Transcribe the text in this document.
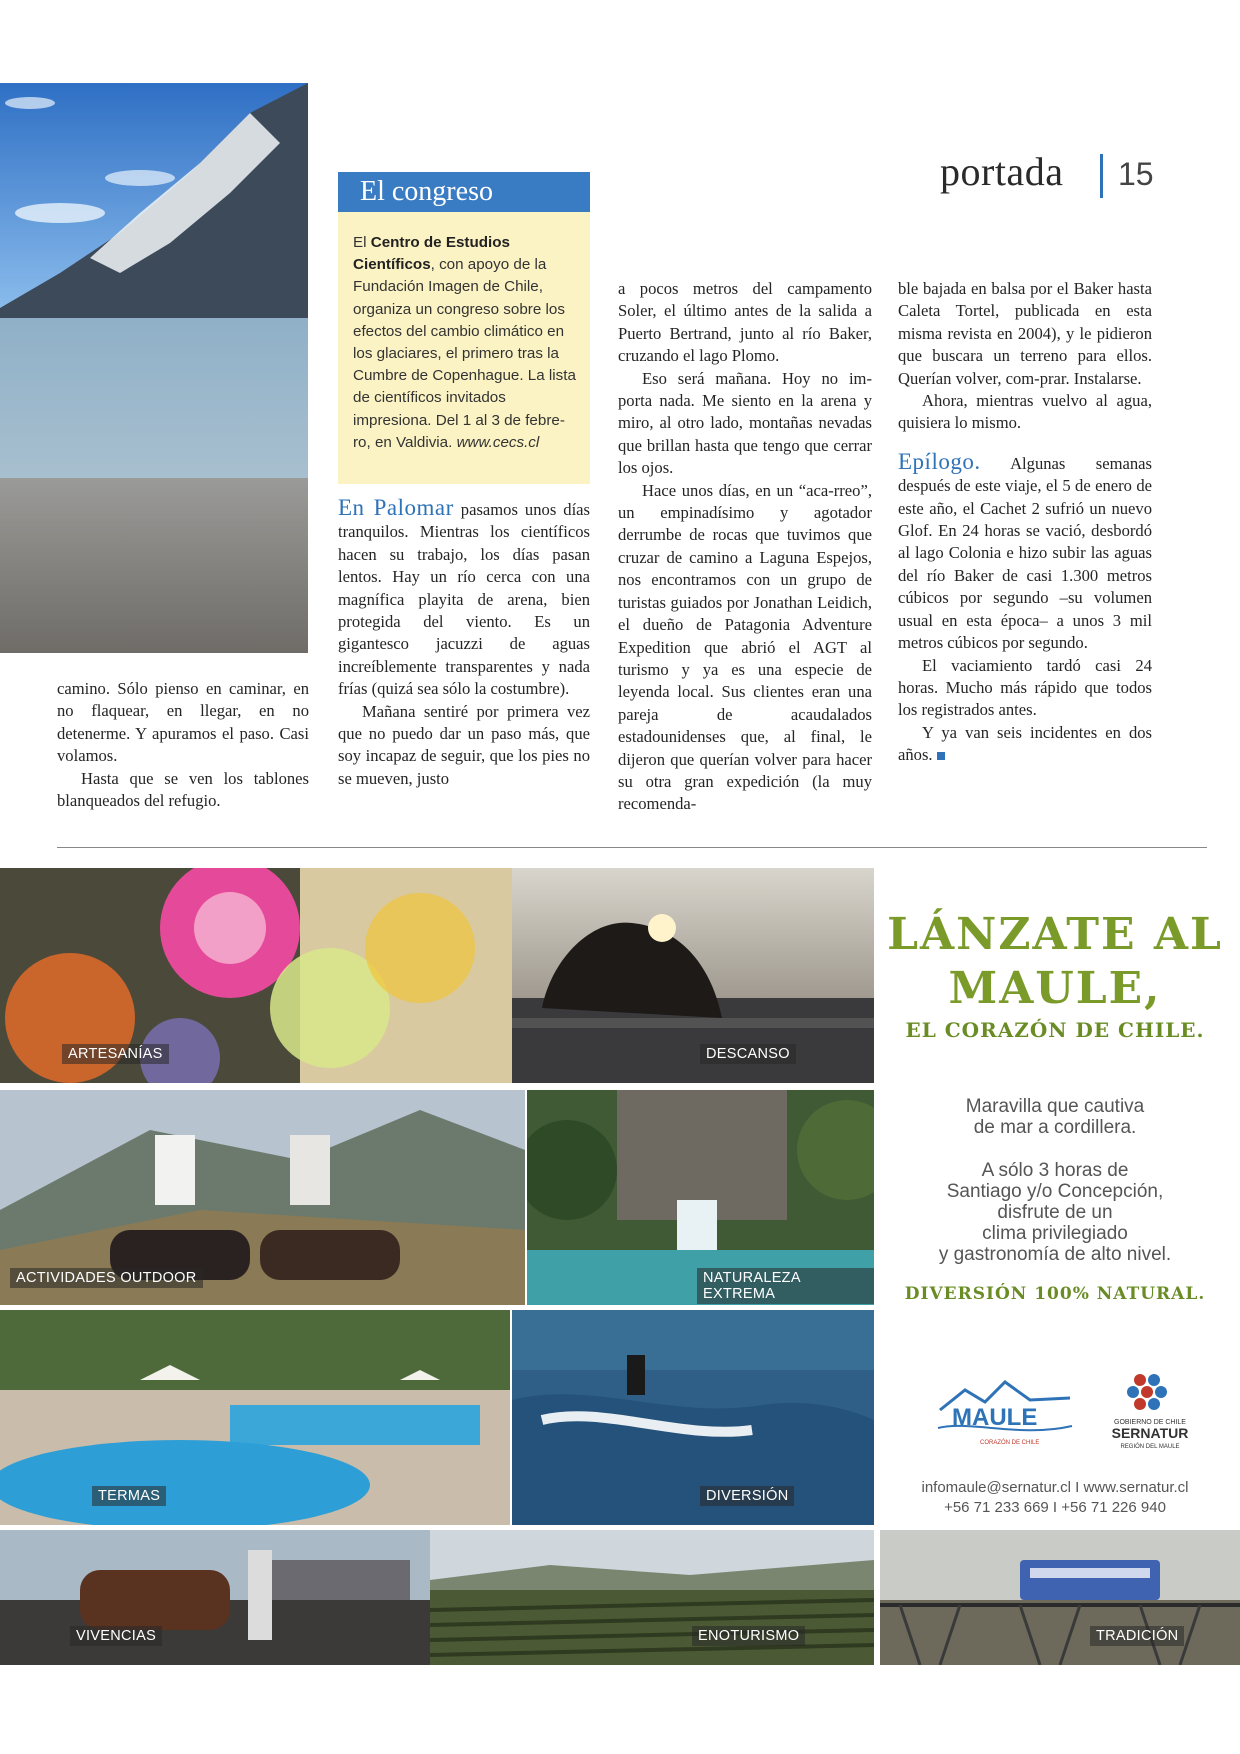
portada 15
El congreso
El Centro de Estudios Científicos, con apoyo de la Fundación Imagen de Chile, organiza un congreso sobre los efectos del cambio climático en los glaciares, el primero tras la Cumbre de Copenhague. La lista de científicos invitados impresiona. Del 1 al 3 de febre-ro, en Valdivia. www.cecs.cl

camino. Sólo pienso en caminar, en no flaquear, en llegar, en no detenerme. Y apuramos el paso. Casi volamos.

Hasta que se ven los tablones blanqueados del refugio.

En Palomar pasamos unos días tranquilos. Mientras los científicos hacen su trabajo, los días pasan lentos. Hay un río cerca con una magnífica playita de arena, bien protegida del viento. Es un gigantesco jacuzzi de aguas increíblemente transparentes y nada frías (quizá sea sólo la costumbre).

Mañana sentiré por primera vez que no puedo dar un paso más, que soy incapaz de seguir, que los pies no se mueven, justo

a pocos metros del campamento Soler, el último antes de la salida a Puerto Bertrand, junto al río Baker, cruzando el lago Plomo.

Eso será mañana. Hoy no im-porta nada. Me siento en la arena y miro, al otro lado, montañas nevadas que brillan hasta que tengo que cerrar los ojos.

Hace unos días, en un “aca-rreo”, un empinadísimo y agotador derrumbe de rocas que tuvimos que cruzar de camino a Laguna Espejos, nos encontramos con un grupo de turistas guiados por Jonathan Leidich, el dueño de Patagonia Adventure Expedition que abrió el AGT al turismo y ya es una especie de leyenda local. Sus clientes eran una pareja de acaudalados estadounidenses que, al final, le dijeron que querían volver para hacer su otra gran expedición (la muy recomenda-

ble bajada en balsa por el Baker hasta Caleta Tortel, publicada en esta misma revista en 2004), y le pidieron que buscara un terreno para ellos. Querían volver, com-prar. Instalarse.

Ahora, mientras vuelvo al agua, quisiera lo mismo.

Epílogo. Algunas semanas después de este viaje, el 5 de enero de este año, el Cachet 2 sufrió un nuevo Glof. En 24 horas se vació, desbordó al lago Colonia e hizo subir las aguas del río Baker de casi 1.300 metros cúbicos por segundo –su volumen usual en esta época– a unos 3 mil metros cúbicos por segundo.

El vaciamiento tardó casi 24 horas. Mucho más rápido que todos los registrados antes.

Y ya van seis incidentes en dos años.

ARTESANÍAS	DESCANSO
ACTIVIDADES OUTDOOR	NATURALEZA EXTREMA
TERMAS	DIVERSIÓN
VIVENCIAS	ENOTURISMO	TRADICIÓN
LÁNZATE AL
MAULE,
EL CORAZÓN DE CHILE.
Maravilla que cautiva
de mar a cordillera.
A sólo 3 horas de
Santiago y/o Concepción,
disfrute de un
clima privilegiado
y gastronomía de alto nivel.
DIVERSIÓN 100% NATURAL.
MAULE
CORAZÓN DE CHILE
GOBIERNO DE CHILE
SERNATUR
REGIÓN DEL MAULE
infomaule@sernatur.cl I www.sernatur.cl
+56 71 233 669 I +56 71 226 940
